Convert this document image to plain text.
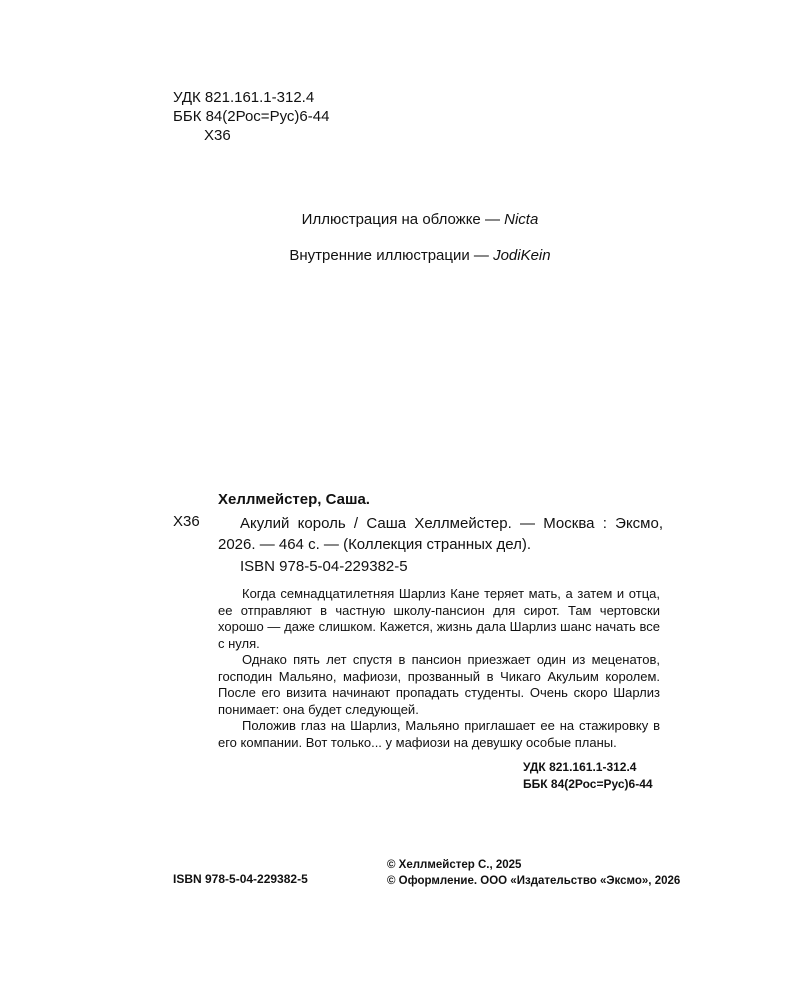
УДК 821.161.1-312.4
ББК 84(2Рос=Рус)6-44
Х36
Иллюстрация на обложке — Nicta
Внутренние иллюстрации — JodiKein
Хеллмейстер, Саша.
Х36	Акулий король / Саша Хеллмейстер. — Москва : Эксмо, 2026. — 464 с. — (Коллекция странных дел).
ISBN 978-5-04-229382-5

Когда семнадцатилетняя Шарлиз Кане теряет мать, а затем и отца, ее отправляют в частную школу-пансион для сирот. Там чертовски хорошо — даже слишком. Кажется, жизнь дала Шарлиз шанс начать все с нуля.

Однако пять лет спустя в пансион приезжает один из меценатов, господин Мальяно, мафиози, прозванный в Чикаго Акульим королем. После его визита начинают пропадать студенты. Очень скоро Шарлиз понимает: она будет следующей.

Положив глаз на Шарлиз, Мальяно приглашает ее на стажировку в его компании. Вот только... у мафиози на девушку особые планы.

УДК 821.161.1-312.4
ББК 84(2Рос=Рус)6-44
ISBN 978-5-04-229382-5
© Хеллмейстер С., 2025
© Оформление. ООО «Издательство «Эксмо», 2026
